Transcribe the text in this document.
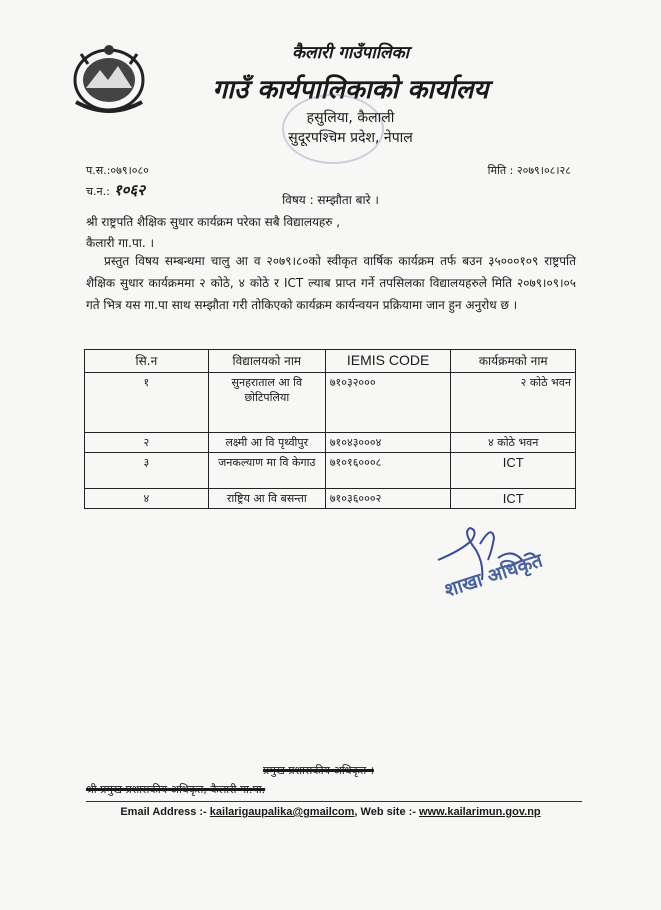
कैलारी गाउँपालिका
गाउँ कार्यपालिकाको कार्यालय
हसुलिया, कैलाली
सुदूरपश्चिम प्रदेश, नेपाल
प.स.:०७९।०८०
च.न.: १०६२
मिति : २०७९।०८।२८
विषय : सम्झौता बारे ।
श्री राष्ट्रपति शैक्षिक सुधार कार्यक्रम परेका सबै विद्यालयहरु ,
कैलारी गा.पा. ।
प्रस्तुत विषय सम्बन्धमा चालु आ व २०७९।८०को स्वीकृत वार्षिक कार्यक्रम तर्फ बउन ३५०००१०९ राष्ट्रपति शैक्षिक सुधार कार्यक्रममा २ कोठे, ४ कोठे र ICT ल्याब प्राप्त गर्ने तपसिलका विद्यालयहरुले मिति २०७९।०९।०५ गते भित्र यस गा.पा साथ सम्झौता गरी तोकिएको कार्यक्रम कार्यन्वयन प्रक्रियामा जान हुन अनुरोध छ ।
सि.न	विद्यालयको नाम	IEMIS CODE	कार्यक्रमको नाम
१	सुनहराताल आ वि छोटिपलिया	७१०३२०००	२ कोठे भवन
२	लक्ष्मी आ वि पृथ्वीपुर	७१०४३०००४	४ कोठे भवन
३	जनकल्याण मा वि केगाउ	७१०१६०००८	ICT
४	राष्ट्रिय आ वि बसन्ता	७१०३६०००२	ICT
शाखा अधिकृत
प्रमुख प्रशासकीय अधिकृत ।
श्री प्रमुख प्रशासकीय अधिकृत, कैलारी गा.पा.
Email Address :- kailarigaupalika@gmailcom, Web site :- www.kailarimun.gov.np
